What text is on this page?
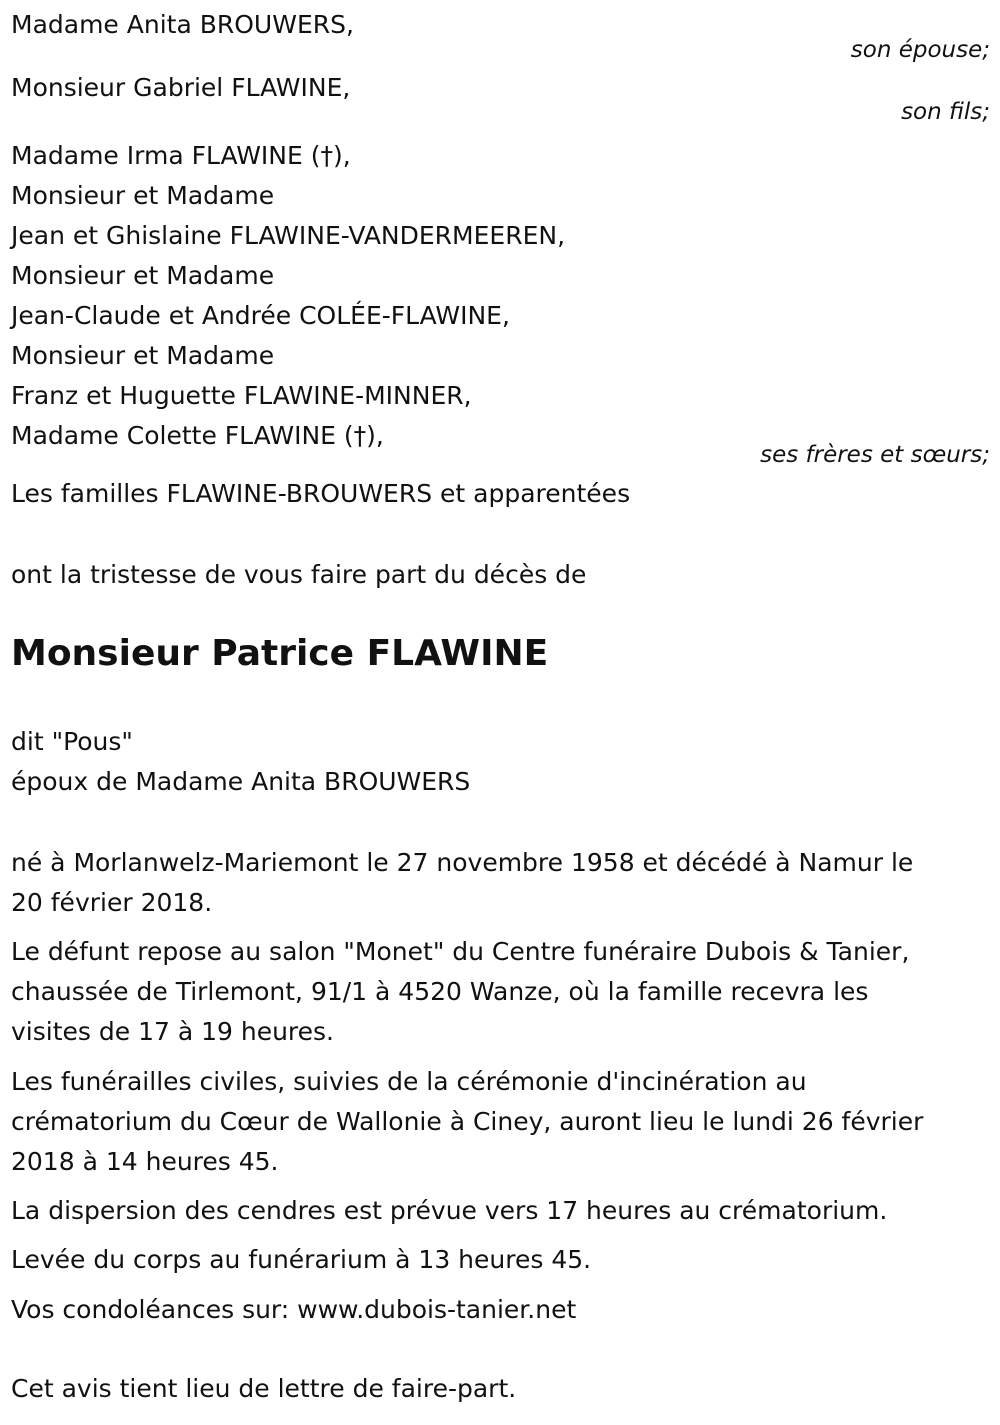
Madame Anita BROUWERS,
son épouse;
Monsieur Gabriel FLAWINE,
son fils;
Madame Irma FLAWINE (†),
Monsieur et Madame
Jean et Ghislaine FLAWINE-VANDERMEEREN,
Monsieur et Madame
Jean-Claude et Andrée COLÉE-FLAWINE,
Monsieur et Madame
Franz et Huguette FLAWINE-MINNER,
Madame Colette FLAWINE (†),
ses frères et sœurs;
Les familles FLAWINE-BROUWERS et apparentées
ont la tristesse de vous faire part du décès de
Monsieur Patrice FLAWINE
dit "Pous"
époux de Madame Anita BROUWERS
né à Morlanwelz-Mariemont le 27 novembre 1958 et décédé à Namur le
20 février 2018.
Le défunt repose au salon "Monet" du Centre funéraire Dubois & Tanier,
chaussée de Tirlemont, 91/1 à 4520 Wanze, où la famille recevra les
visites de 17 à 19 heures.
Les funérailles civiles, suivies de la cérémonie d'incinération au
crématorium du Cœur de Wallonie à Ciney, auront lieu le lundi 26 février
2018 à 14 heures 45.
La dispersion des cendres est prévue vers 17 heures au crématorium.
Levée du corps au funérarium à 13 heures 45.
Vos condoléances sur: www.dubois-tanier.net
Cet avis tient lieu de lettre de faire-part.
